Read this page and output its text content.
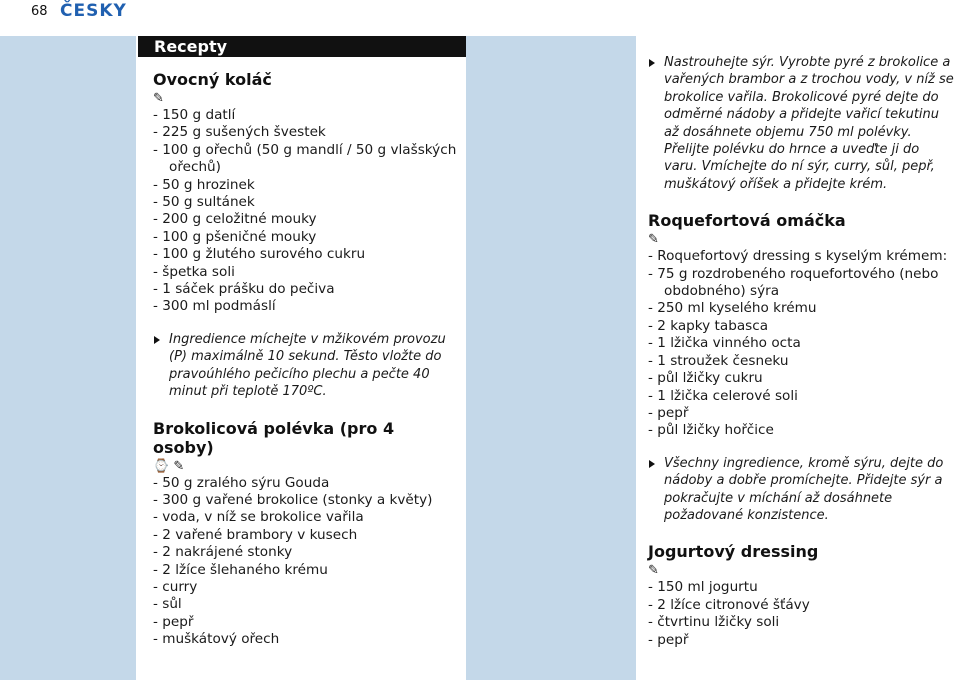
68 ČESKY
Recepty
Ovocný koláč
✎
- 150 g datlí
- 225 g sušených švestek
- 100 g ořechů (50 g mandlí / 50 g vlašských ořechů)
- 50 g hrozinek
- 50 g sultánek
- 200 g celožitné mouky
- 100 g pšeničné mouky
- 100 g žlutého surového cukru
- špetka soli
- 1 sáček prášku do pečiva
- 300 ml podmáslí

Ingredience míchejte v mžikovém provozu (P) maximálně 10 sekund. Těsto vložte do pravoúhlého pečicího plechu a pečte 40 minut při teplotě 170ºC.

Brokolicová polévka (pro 4 osoby)
⌚ ✎
- 50 g zralého sýru Gouda
- 300 g vařené brokolice (stonky a květy)
- voda, v níž se brokolice vařila
- 2 vařené brambory v kusech
- 2 nakrájené stonky
- 2 lžíce šlehaného krému
- curry
- sůl
- pepř
- muškátový ořech

Nastrouhejte sýr. Vyrobte pyré z brokolice a vařených brambor a z trochou vody, v níž se brokolice vařila. Brokolicové pyré dejte do odměrné nádoby a přidejte vařicí tekutinu až dosáhnete objemu 750 ml polévky. Přelijte polévku do hrnce a uveďte ji do varu. Vmíchejte do ní sýr, curry, sůl, pepř, muškátový oříšek a přidejte krém.

Roquefortová omáčka
✎
- Roquefortový dressing s kyselým krémem:
- 75 g rozdrobeného roquefortového (nebo obdobného) sýra
- 250 ml kyselého krému
- 2 kapky tabasca
- 1 lžička vinného octa
- 1 stroužek česneku
- půl lžičky cukru
- 1 lžička celerové soli
- pepř
- půl lžičky hořčice

Všechny ingredience, kromě sýru, dejte do nádoby a dobře promíchejte. Přidejte sýr a pokračujte v míchání až dosáhnete požadované konzistence.

Jogurtový dressing
✎
- 150 ml jogurtu
- 2 lžíce citronové šťávy
- čtvrtinu lžičky soli
- pepř
